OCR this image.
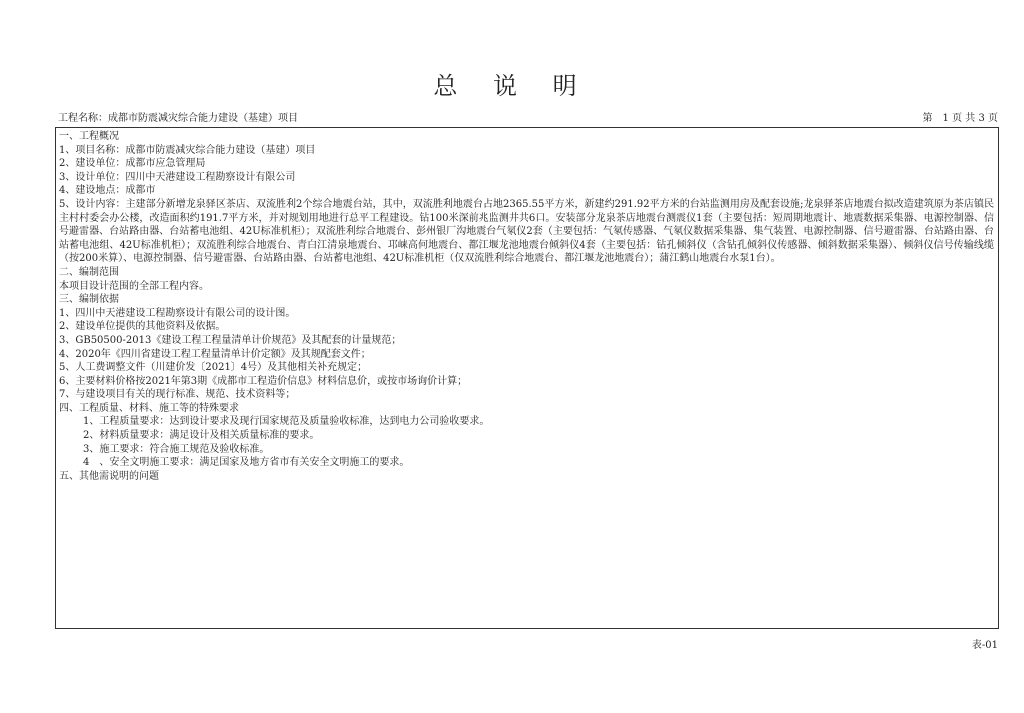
总 说 明
工程名称：成都市防震减灾综合能力建设（基建）项目	第　1 页 共 3 页
一、工程概况
1、项目名称：成都市防震减灾综合能力建设（基建）项目
2、建设单位：成都市应急管理局
3、设计单位：四川中天港建设工程勘察设计有限公司
4、建设地点：成都市
5、设计内容：主建部分新增龙泉驿区茶店、双流胜利2个综合地震台站，其中，双流胜利地震台占地2365.55平方米，新建约291.92平方米的台站监测用房及配套设施;龙泉驿茶店地震台拟改造建筑原为茶店镇民主村村委会办公楼，改造面积约191.7平方米，并对规划用地进行总平工程建设。钻100米深前兆监测井共6口。安装部分龙泉茶店地震台测震仪1套（主要包括：短周期地震计、地震数据采集器、电源控制器、信号避雷器、台站路由器、台站蓄电池组、42U标准机柜）；双流胜利综合地震台、彭州银厂沟地震台气氡仪2套（主要包括：气氡传感器、气氡仪数据采集器、集气装置、电源控制器、信号避雷器、台站路由器、台站蓄电池组、42U标准机柜）；双流胜利综合地震台、青白江清泉地震台、邛崃高何地震台、都江堰龙池地震台倾斜仪4套（主要包括：钻孔倾斜仪（含钻孔倾斜仪传感器、倾斜数据采集器）、倾斜仪信号传输线缆（按200米算）、电源控制器、信号避雷器、台站路由器、台站蓄电池组、42U标准机柜（仅双流胜利综合地震台、都江堰龙池地震台）；蒲江鹤山地震台水泵1台）。
二、编制范围
本项目设计范围的全部工程内容。
三、编制依据
1、四川中天港建设工程勘察设计有限公司的设计图。
2、建设单位提供的其他资料及依据。
3、GB50500-2013《建设工程工程量清单计价规范》及其配套的计量规范；
4、2020年《四川省建设工程工程量清单计价定额》及其规配套文件；
5、人工费调整文件（川建价发〔2021〕4号）及其他相关补充规定；
6、主要材料价格按2021年第3期《成都市工程造价信息》材料信息价，或按市场询价计算；
7、与建设项目有关的现行标准、规范、技术资料等；
四、工程质量、材料、施工等的特殊要求
1、工程质量要求：达到设计要求及现行国家规范及质量验收标准，达到电力公司验收要求。
2、材料质量要求：满足设计及相关质量标准的要求。
3、施工要求：符合施工规范及验收标准。
4　、安全文明施工要求：满足国家及地方省市有关安全文明施工的要求。
五、其他需说明的问题
表-01
